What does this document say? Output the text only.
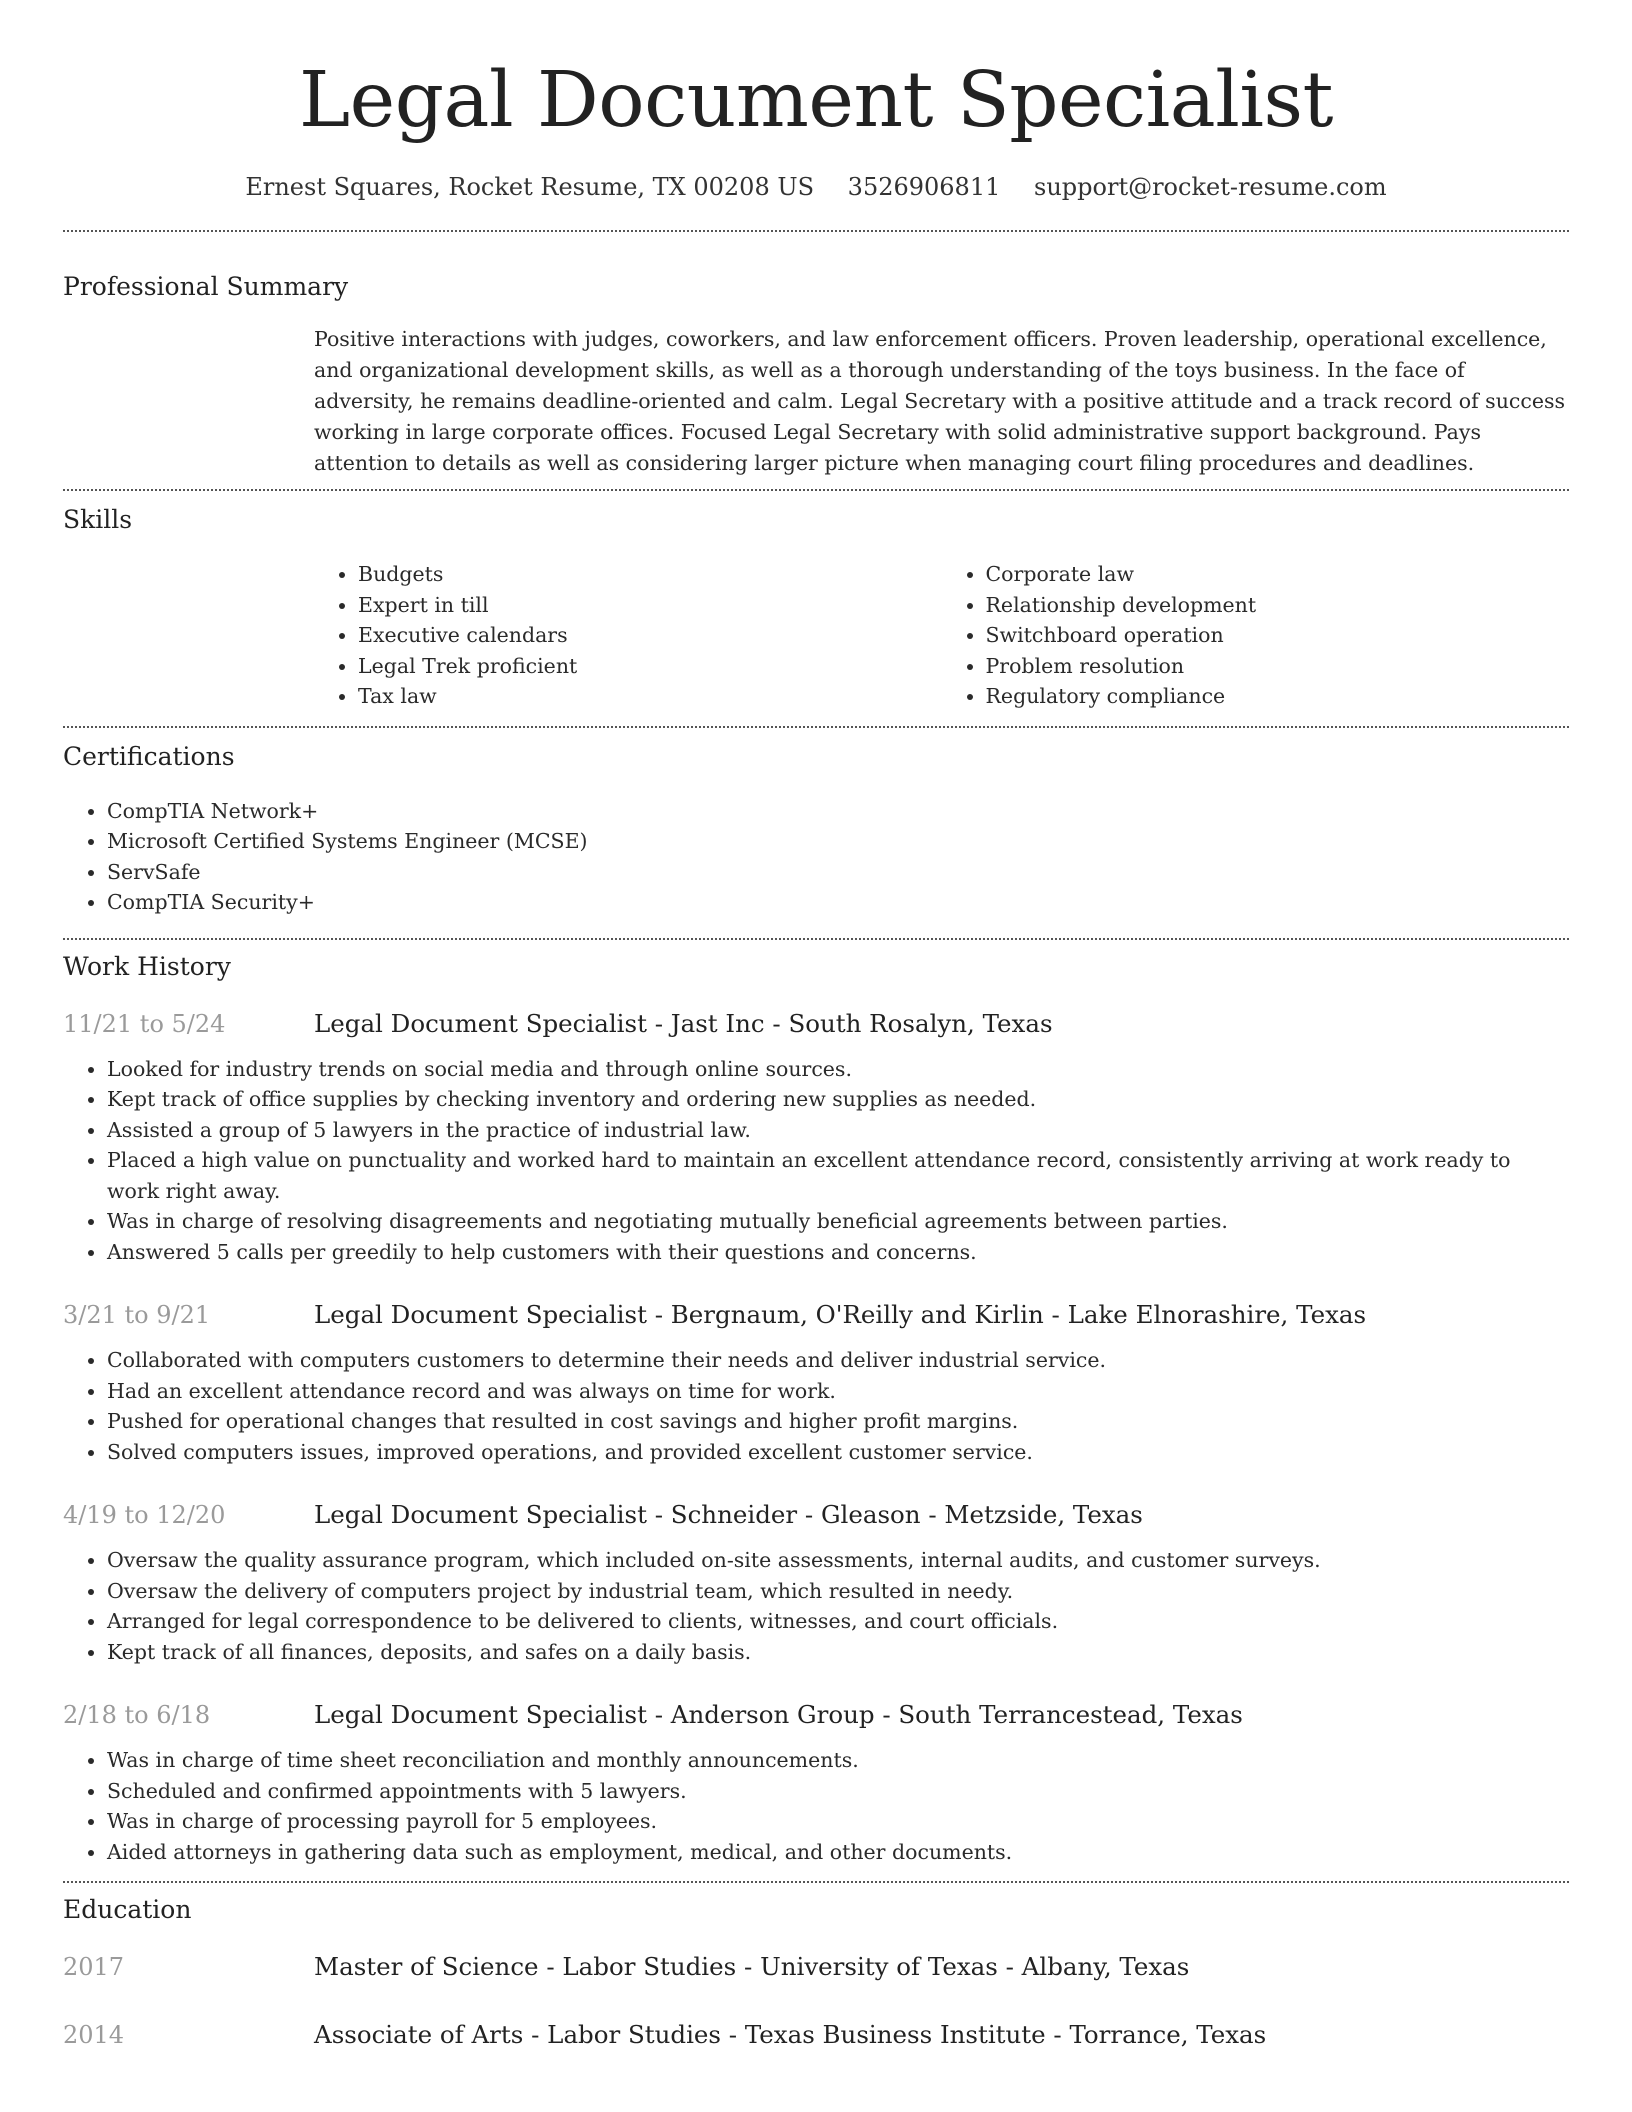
Legal Document Specialist
Ernest Squares, Rocket Resume, TX 00208 US 3526906811 support@rocket-resume.com
Professional Summary
Positive interactions with judges, coworkers, and law enforcement officers. Proven leadership, operational excellence, and organizational development skills, as well as a thorough understanding of the toys business. In the face of adversity, he remains deadline-oriented and calm. Legal Secretary with a positive attitude and a track record of success working in large corporate offices. Focused Legal Secretary with solid administrative support background. Pays attention to details as well as considering larger picture when managing court filing procedures and deadlines.
Skills
• Budgets
• Expert in till
• Executive calendars
• Legal Trek proficient
• Tax law
• Corporate law
• Relationship development
• Switchboard operation
• Problem resolution
• Regulatory compliance
Certifications
• CompTIA Network+
• Microsoft Certified Systems Engineer (MCSE)
• ServSafe
• CompTIA Security+
Work History
11/21 to 5/24	Legal Document Specialist - Jast Inc - South Rosalyn, Texas
• Looked for industry trends on social media and through online sources.
• Kept track of office supplies by checking inventory and ordering new supplies as needed.
• Assisted a group of 5 lawyers in the practice of industrial law.
• Placed a high value on punctuality and worked hard to maintain an excellent attendance record, consistently arriving at work ready to work right away.
• Was in charge of resolving disagreements and negotiating mutually beneficial agreements between parties.
• Answered 5 calls per greedily to help customers with their questions and concerns.
3/21 to 9/21	Legal Document Specialist - Bergnaum, O'Reilly and Kirlin - Lake Elnorashire, Texas
• Collaborated with computers customers to determine their needs and deliver industrial service.
• Had an excellent attendance record and was always on time for work.
• Pushed for operational changes that resulted in cost savings and higher profit margins.
• Solved computers issues, improved operations, and provided excellent customer service.
4/19 to 12/20	Legal Document Specialist - Schneider - Gleason - Metzside, Texas
• Oversaw the quality assurance program, which included on-site assessments, internal audits, and customer surveys.
• Oversaw the delivery of computers project by industrial team, which resulted in needy.
• Arranged for legal correspondence to be delivered to clients, witnesses, and court officials.
• Kept track of all finances, deposits, and safes on a daily basis.
2/18 to 6/18	Legal Document Specialist - Anderson Group - South Terrancestead, Texas
• Was in charge of time sheet reconciliation and monthly announcements.
• Scheduled and confirmed appointments with 5 lawyers.
• Was in charge of processing payroll for 5 employees.
• Aided attorneys in gathering data such as employment, medical, and other documents.
Education
2017	Master of Science - Labor Studies - University of Texas - Albany, Texas
2014	Associate of Arts - Labor Studies - Texas Business Institute - Torrance, Texas
